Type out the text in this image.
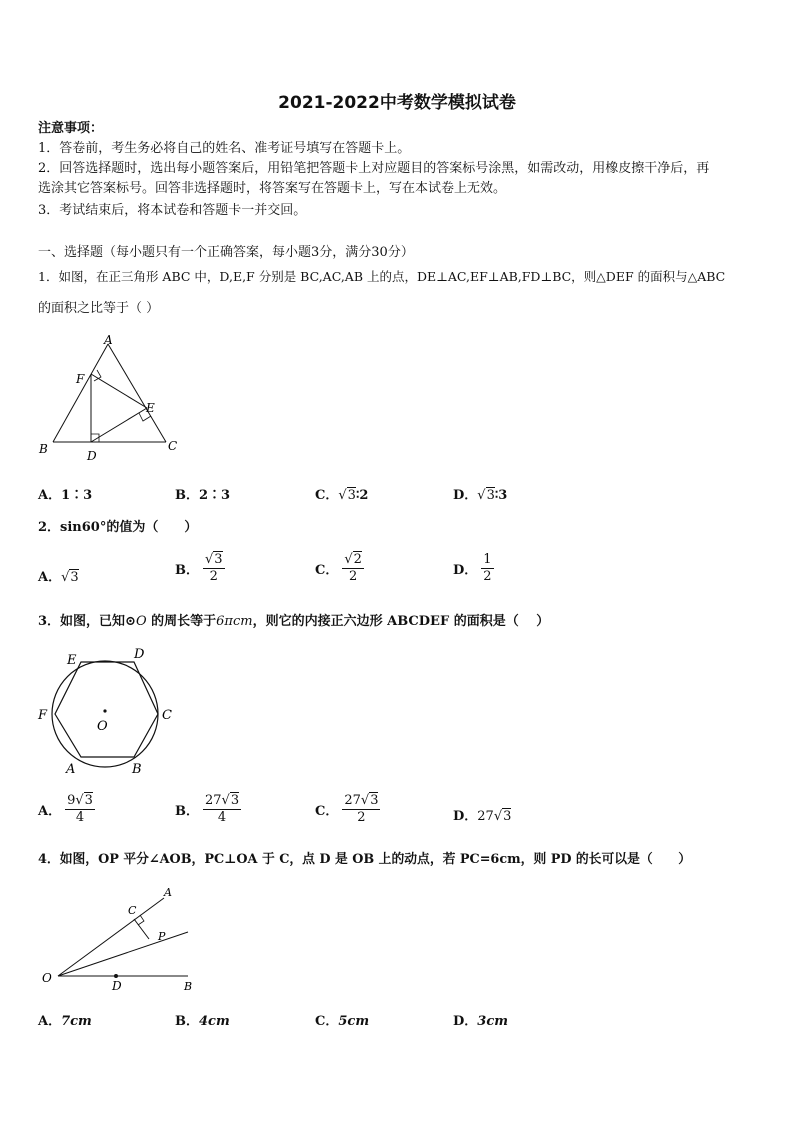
2021-2022中考数学模拟试卷
注意事项：
1．答卷前，考生务必将自己的姓名、准考证号填写在答题卡上。
2．回答选择题时，选出每小题答案后，用铅笔把答题卡上对应题目的答案标号涂黑，如需改动，用橡皮擦干净后，再
选涂其它答案标号。回答非选择题时，将答案写在答题卡上，写在本试卷上无效。
3．考试结束后，将本试卷和答题卡一并交回。
一、选择题（每小题只有一个正确答案，每小题3分，满分30分）
1．如图，在正三角形 ABC 中，D,E,F 分别是 BC,AC,AB 上的点，DE⊥AC,EF⊥AB,FD⊥BC，则△DEF 的面积与△ABC
的面积之比等于（ ）
A
B	C
D
E
F
A．1∶3	B．2∶3	C．√3∶2	D．√3∶3
2．sin60°的值为（　　）
A．√3	B． $\frac{√3}{2}$	C． $\frac{√2}{2}$	D． $\frac{1}{2}$
3．如图，已知⊙O 的周长等于6πcm，则它的内接正六边形 ABCDEF 的面积是（　 ）
O
A	B
C
D
E
F
A． $\frac{9√3}{4}$	B． $\frac{27√3}{4}$	C． $\frac{27√3}{2}$	D．27√3
4．如图，OP 平分∠AOB，PC⊥OA 于 C，点 D 是 OB 上的动点，若 PC=6cm，则 PD 的长可以是（　　）
A
C
P
O
D	B
A．7cm	B．4cm	C．5cm	D．3cm
